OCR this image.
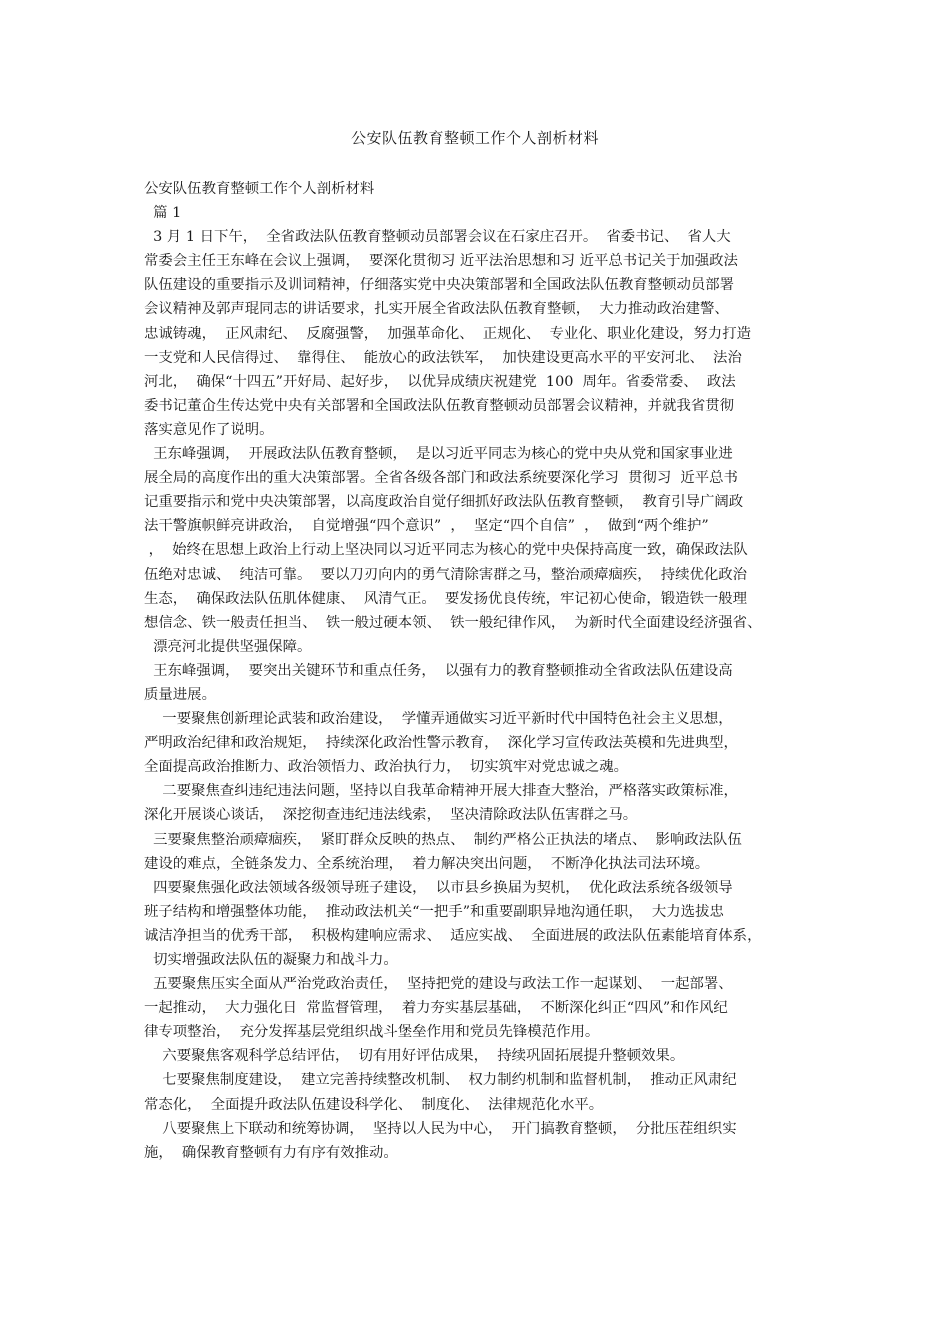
公安队伍教育整顿工作个人剖析材料
公安队伍教育整顿工作个人剖析材料
篇 1
3 月 1 日下午，  全省政法队伍教育整顿动员部署会议在石家庄召开。  省委书记、  省人大
常委会主任王东峰在会议上强调，  要深化贯彻习 近平法治思想和习 近平总书记关于加强政法
队伍建设的重要指示及训词精神，仔细落实党中央决策部署和全国政法队伍教育整顿动员部署
会议精神及郭声琨同志的讲话要求，扎实开展全省政法队伍教育整顿，  大力推动政治建警、
忠诚铸魂，  正风肃纪、  反腐强警，  加强革命化、  正规化、  专业化、职业化建设，努力打造
一支党和人民信得过、  靠得住、  能放心的政法铁军，  加快建设更高水平的平安河北、  法治
河北，  确保“十四五”开好局、起好步，  以优异成绩庆祝建党  100  周年。省委常委、  政法
委书记董仚生传达党中央有关部署和全国政法队伍教育整顿动员部署会议精神，并就我省贯彻
落实意见作了说明。
王东峰强调，  开展政法队伍教育整顿，  是以习近平同志为核心的党中央从党和国家事业进
展全局的高度作出的重大决策部署。全省各级各部门和政法系统要深化学习  贯彻习  近平总书
记重要指示和党中央决策部署，以高度政治自觉仔细抓好政法队伍教育整顿，  教育引导广阔政
法干警旗帜鲜亮讲政治，  自觉增强“四个意识”  ，  坚定“四个自信”  ，  做到“两个维护”
，  始终在思想上政治上行动上坚决同以习近平同志为核心的党中央保持高度一致，确保政法队
伍绝对忠诚、  纯洁可靠。  要以刀刃向内的勇气清除害群之马，整治顽瘴痼疾，  持续优化政治
生态，  确保政法队伍肌体健康、  风清气正。  要发扬优良传统，牢记初心使命，锻造铁一般理
想信念、铁一般责任担当、  铁一般过硬本领、  铁一般纪律作风，  为新时代全面建设经济强省、
漂亮河北提供坚强保障。
王东峰强调，  要突出关键环节和重点任务，  以强有力的教育整顿推动全省政法队伍建设高
质量进展。
一要聚焦创新理论武装和政治建设，  学懂弄通做实习近平新时代中国特色社会主义思想，
严明政治纪律和政治规矩，  持续深化政治性警示教育，  深化学习宣传政法英模和先进典型，
全面提高政治推断力、政治领悟力、政治执行力，  切实筑牢对党忠诚之魂。
二要聚焦查纠违纪违法问题，坚持以自我革命精神开展大排查大整治，严格落实政策标准，
深化开展谈心谈话，  深挖彻查违纪违法线索，  坚决清除政法队伍害群之马。
三要聚焦整治顽瘴痼疾，  紧盯群众反映的热点、  制约严格公正执法的堵点、  影响政法队伍
建设的难点，全链条发力、全系统治理，  着力解决突出问题，  不断净化执法司法环境。
四要聚焦强化政法领域各级领导班子建设，  以市县乡换届为契机，  优化政法系统各级领导
班子结构和增强整体功能，  推动政法机关“一把手”和重要副职异地沟通任职，  大力选拔忠
诚洁净担当的优秀干部，  积极构建响应需求、  适应实战、  全面进展的政法队伍素能培育体系，
切实增强政法队伍的凝聚力和战斗力。
五要聚焦压实全面从严治党政治责任，  坚持把党的建设与政法工作一起谋划、  一起部署、
一起推动，  大力强化日  常监督管理，  着力夯实基层基础，  不断深化纠正“四风”和作风纪
律专项整治，  充分发挥基层党组织战斗堡垒作用和党员先锋模范作用。
六要聚焦客观科学总结评估，  切有用好评估成果，  持续巩固拓展提升整顿效果。
七要聚焦制度建设，  建立完善持续整改机制、  权力制约机制和监督机制，  推动正风肃纪
常态化，  全面提升政法队伍建设科学化、  制度化、  法律规范化水平。
八要聚焦上下联动和统筹协调，  坚持以人民为中心，  开门搞教育整顿，  分批压茬组织实
施，  确保教育整顿有力有序有效推动。
